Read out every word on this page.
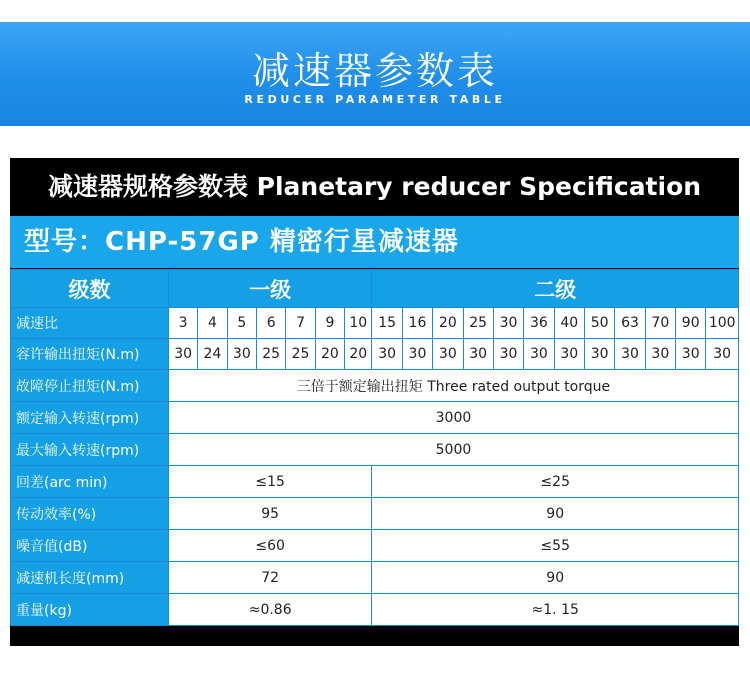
减速器参数表
REDUCER PARAMETER TABLE
减速器规格参数表 Planetary reducer Specification
型号：CHP-57GP 精密行星减速器
级数	一级							二级											
减速比	3	4	5	6	7	9	10	15	16	20	25	30	36	40	50	63	70	90	100
容许输出扭矩(N.m)	30	24	30	25	25	20	20	30	30	30	30	30	30	30	30	30	30	30	30
故障停止扭矩(N.m)	三倍于额定输出扭矩 Three rated output torque																		
额定输入转速(rpm)	3000																		
最大输入转速(rpm)	5000																		
回差(arc min)	≤15							≤25											
传动效率(%)	95							90											
噪音值(dB)	≤60							≤55											
减速机长度(mm)	72							90											
重量(kg)	≈0.86							≈1. 15											
